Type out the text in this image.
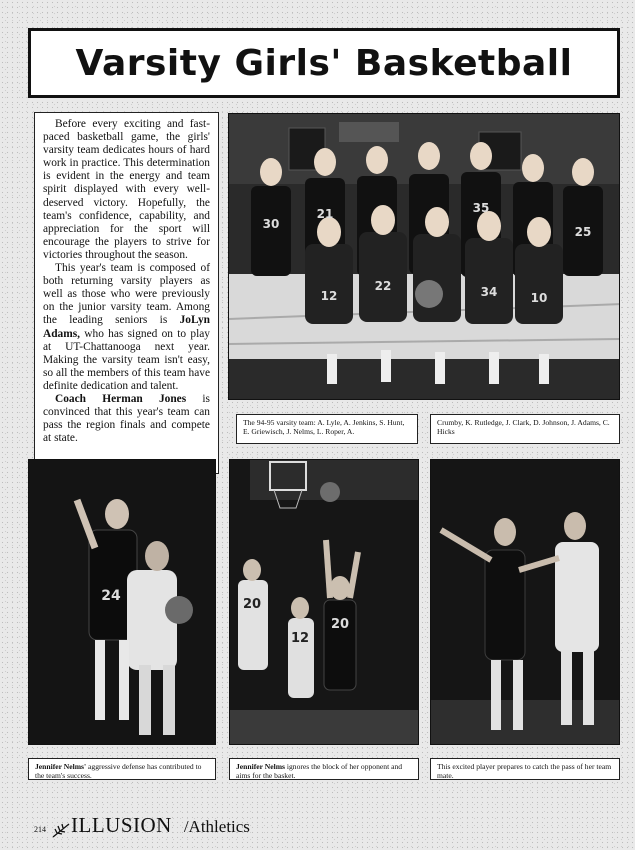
Varsity Girls' Basketball

Before every exciting and fast-paced basketball game, the girls' varsity team dedicates hours of hard work in practice. This determination is evident in the energy and team spirit displayed with every well-deserved victory. Hopefully, the team's confidence, capability, and appreciation for the sport will encourage the players to strive for victories throughout the season.

This year's team is composed of both returning varsity players as well as those who were previously on the junior varsity team. Among the leading seniors is JoLyn Adams, who has signed on to play at UT-Chattanooga next year. Making the varsity team isn't easy, so all the members of this team have definite dedication and talent.

Coach Herman Jones is convinced that this year's team can pass the region finals and compete at state.

30
21	35
25
12
22	34	10
The 94-95 varsity team: A. Lyle, A. Jenkins, S. Hunt, E. Griewisch, J. Nelms, L. Roper, A.
Crumby, K. Rutledge, J. Clark, D. Johnson, J. Adams, C. Hicks
24
Jennifer Nelms' aggressive defense has contributed to the team's success.
20
12
20
Jennifer Nelms ignores the block of her opponent and aims for the basket.
This excited player prepares to catch the pass of her team mate.
214 ILLUSION /Athletics
